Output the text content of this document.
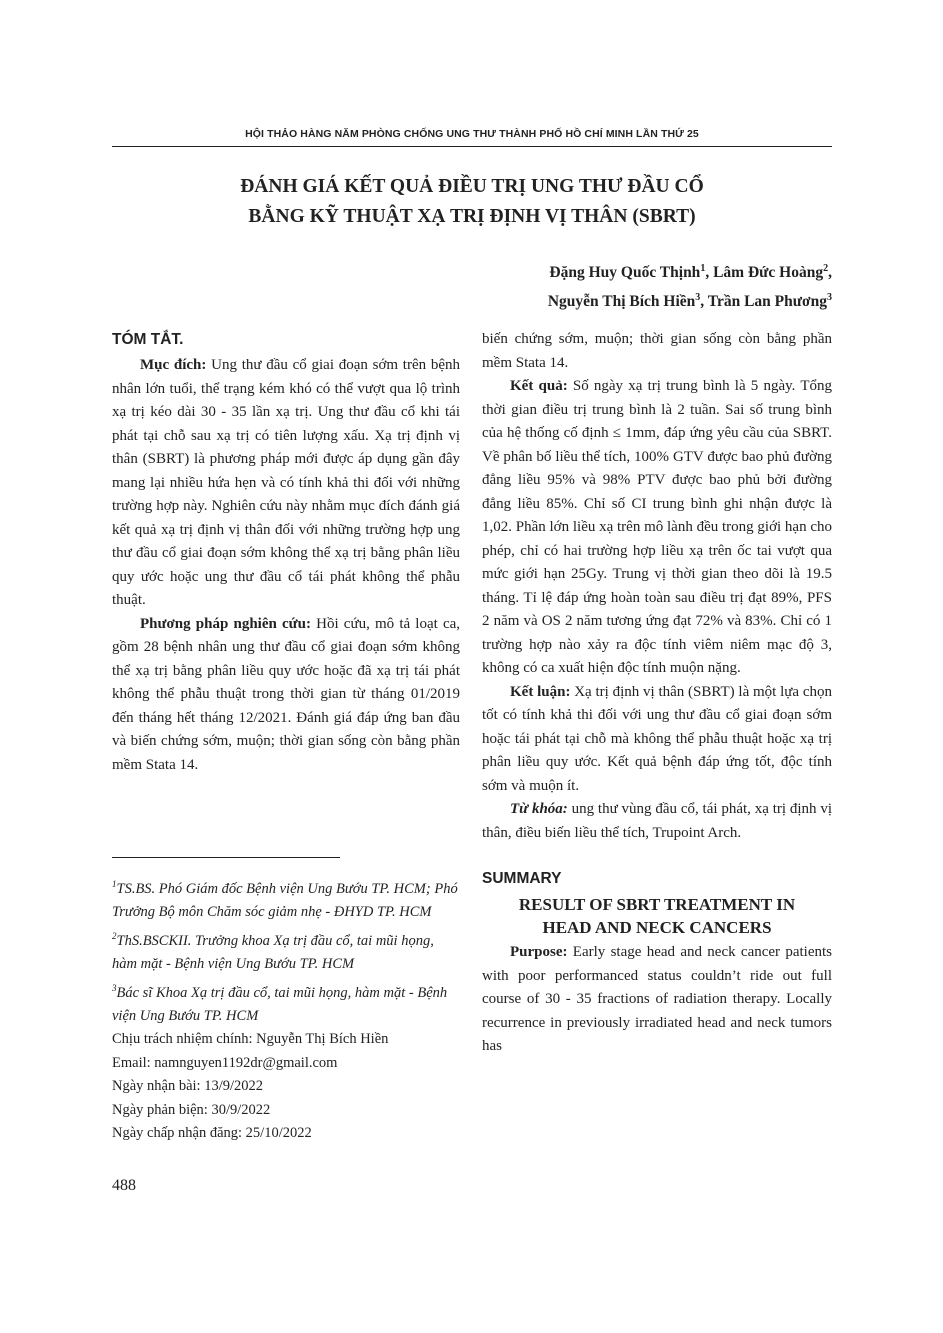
HỘI THẢO HÀNG NĂM PHÒNG CHỐNG UNG THƯ THÀNH PHỐ HỒ CHÍ MINH LẦN THỨ 25
ĐÁNH GIÁ KẾT QUẢ ĐIỀU TRỊ UNG THƯ ĐẦU CỔ
BẰNG KỸ THUẬT XẠ TRỊ ĐỊNH VỊ THÂN (SBRT)
Đặng Huy Quốc Thịnh$^1$, Lâm Đức Hoàng$^2$,
Nguyễn Thị Bích Hiền$^3$, Trần Lan Phương$^3$
TÓM TẮT.

Mục đích: Ung thư đầu cổ giai đoạn sớm trên bệnh nhân lớn tuổi, thể trạng kém khó có thể vượt qua lộ trình xạ trị kéo dài 30 - 35 lần xạ trị. Ung thư đầu cổ khi tái phát tại chỗ sau xạ trị có tiên lượng xấu. Xạ trị định vị thân (SBRT) là phương pháp mới được áp dụng gần đây mang lại nhiều hứa hẹn và có tính khả thi đối với những trường hợp này. Nghiên cứu này nhằm mục đích đánh giá kết quả xạ trị định vị thân đối với những trường hợp ung thư đầu cổ giai đoạn sớm không thể xạ trị bằng phân liều quy ước hoặc ung thư đầu cổ tái phát không thể phẫu thuật.

Phương pháp nghiên cứu: Hồi cứu, mô tả loạt ca, gồm 28 bệnh nhân ung thư đầu cổ giai đoạn sớm không thể xạ trị bằng phân liều quy ước hoặc đã xạ trị tái phát không thể phẫu thuật trong thời gian từ tháng 01/2019 đến tháng hết tháng 12/2021. Đánh giá đáp ứng ban đầu và biến chứng sớm, muộn; thời gian sống còn bằng phần mềm Stata 14.

biến chứng sớm, muộn; thời gian sống còn bằng phần mềm Stata 14.

Kết quả: Số ngày xạ trị trung bình là 5 ngày. Tổng thời gian điều trị trung bình là 2 tuần. Sai số trung bình của hệ thống cố định ≤ 1mm, đáp ứng yêu cầu của SBRT. Về phân bố liều thể tích, 100% GTV được bao phủ đường đẳng liều 95% và 98% PTV được bao phủ bởi đường đẳng liều 85%. Chỉ số CI trung bình ghi nhận được là 1,02. Phần lớn liều xạ trên mô lành đều trong giới hạn cho phép, chỉ có hai trường hợp liều xạ trên ốc tai vượt qua mức giới hạn 25Gy. Trung vị thời gian theo dõi là 19.5 tháng. Tỉ lệ đáp ứng hoàn toàn sau điều trị đạt 89%, PFS 2 năm và OS 2 năm tương ứng đạt 72% và 83%. Chỉ có 1 trường hợp nào xảy ra độc tính viêm niêm mạc độ 3, không có ca xuất hiện độc tính muộn nặng.

Kết luận: Xạ trị định vị thân (SBRT) là một lựa chọn tốt có tính khả thi đối với ung thư đầu cổ giai đoạn sớm hoặc tái phát tại chỗ mà không thể phẫu thuật hoặc xạ trị phân liều quy ước. Kết quả bệnh đáp ứng tốt, độc tính sớm và muộn ít.

Từ khóa: ung thư vùng đầu cổ, tái phát, xạ trị định vị thân, điều biến liều thể tích, Trupoint Arch.

SUMMARY
RESULT OF SBRT TREATMENT IN
HEAD AND NECK CANCERS

Purpose: Early stage head and neck cancer patients with poor performanced status couldn’t ride out full course of 30 - 35 fractions of radiation therapy. Locally recurrence in previously irradiated head and neck tumors has

$^1$TS.BS. Phó Giám đốc Bệnh viện Ung Bướu TP. HCM; Phó Trưởng Bộ môn Chăm sóc giảm nhẹ - ĐHYD TP. HCM

$^2$ThS.BSCKII. Trưởng khoa Xạ trị đầu cổ, tai mũi họng, hàm mặt - Bệnh viện Ung Bướu TP. HCM

$^3$Bác sĩ Khoa Xạ trị đầu cổ, tai mũi họng, hàm mặt - Bệnh viện Ung Bướu TP. HCM

Chịu trách nhiệm chính: Nguyễn Thị Bích Hiền

Email: namnguyen1192dr@gmail.com

Ngày nhận bài: 13/9/2022

Ngày phản biện: 30/9/2022

Ngày chấp nhận đăng: 25/10/2022

488
